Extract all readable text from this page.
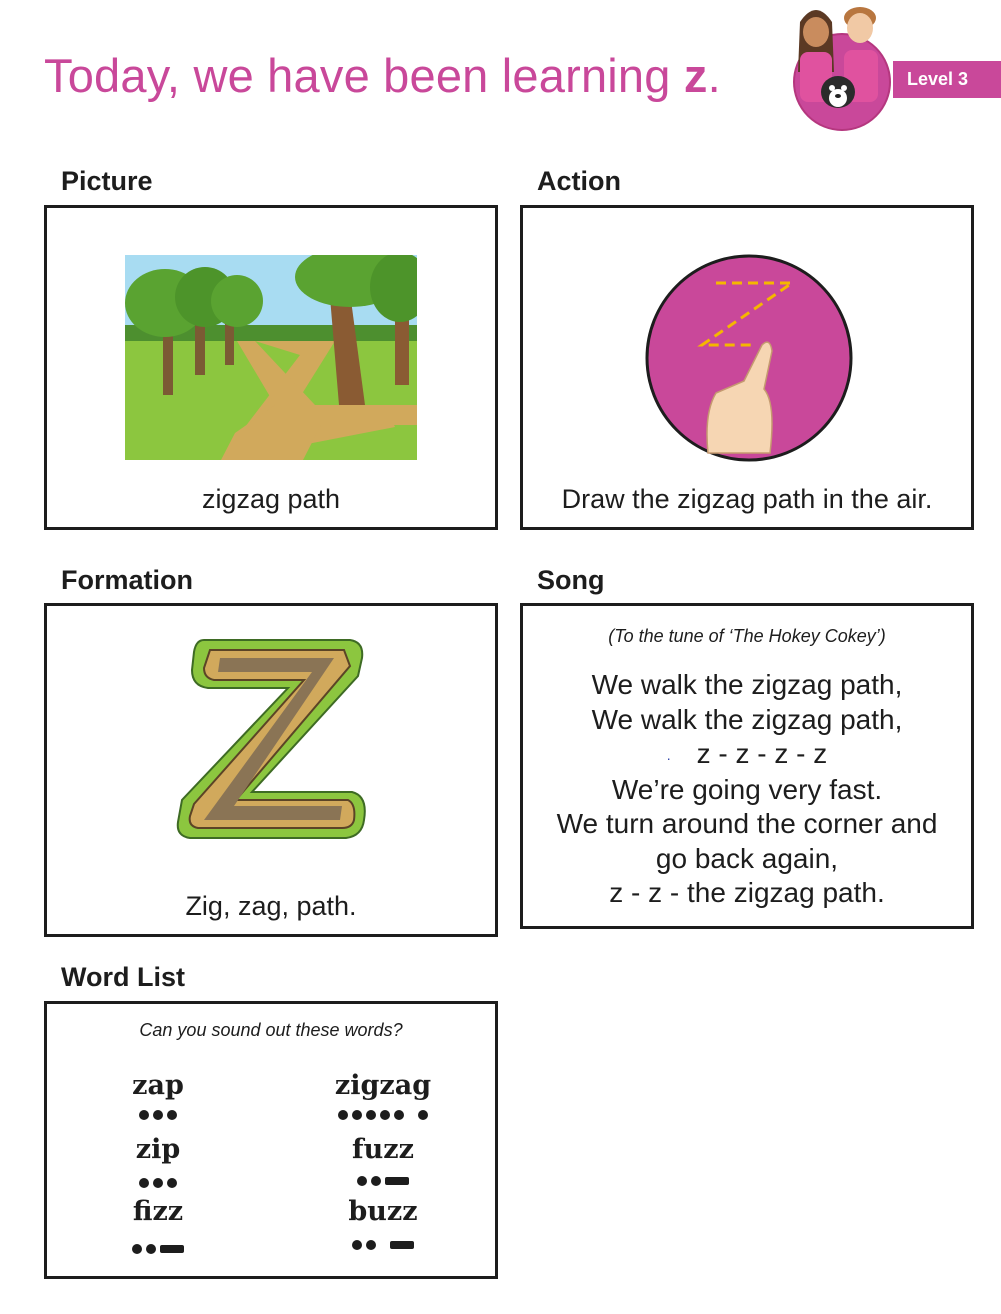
Today, we have been learning z.	Level 3
Picture
zigzag path
Action
Draw the zigzag path in the air.
Formation
Zig, zag, path.
Song
(To the tune of ‘The Hokey Cokey’)
We walk the zigzag path,
We walk the zigzag path,
. z - z - z - z
We’re going very fast.
We turn around the corner and
go back again,
z - z - the zigzag path.
Word List
Can you sound out these words?
zap	zigzag
zip	fuzz
fizz	buzz
